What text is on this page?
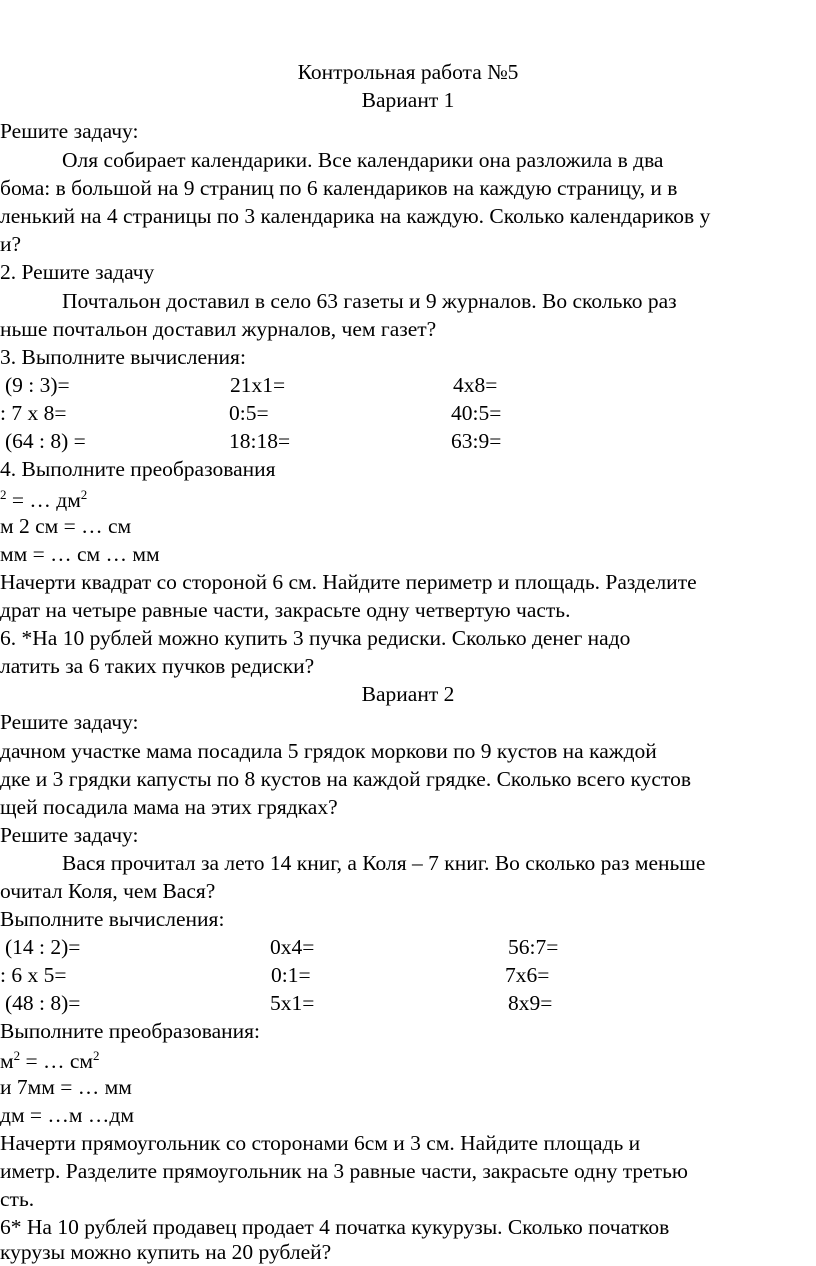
Контрольная работа №5
Вариант 1
Решите задачу:
Оля собирает календарики. Все календарики она разложила в два
бома: в большой на 9 страниц по 6 календариков на каждую страницу, и в
ленький на 4 страницы по 3 календарика на каждую. Сколько календариков у
и?
2. Решите задачу
Почтальон доставил в село 63 газеты и 9 журналов. Во сколько раз
ньше почтальон доставил журналов, чем газет?
3. Выполните вычисления:
(9 : 3)=	21x1=	4x8=
: 7 х 8=	0:5=	40:5=
(64 : 8) =	18:18=	63:9=
4. Выполните преобразования
$^2$ = … $дм^2$
м 2 см = … см
мм = … см … мм
Начерти квадрат со стороной 6 см. Найдите периметр и площадь. Разделите
драт на четыре равные части, закрасьте одну четвертую часть.
6. *На 10 рублей можно купить 3 пучка редиски. Сколько денег надо
латить за 6 таких пучков редиски?
Вариант 2
Решите задачу:
дачном участке мама посадила 5 грядок моркови по 9 кустов на каждой
дке и 3 грядки капусты по 8 кустов на каждой грядке. Сколько всего кустов
щей посадила мама на этих грядках?
Решите задачу:
Вася прочитал за лето 14 книг, а Коля – 7 книг. Во сколько раз меньше
очитал Коля, чем Вася?
Выполните вычисления:
(14 : 2)=	0x4=	56:7=
: 6 х 5=	0:1=	7x6=
(48 : 8)=	5x1=	8x9=
Выполните преобразования:
$м^2$ = … $см^2$
и 7мм = … мм
дм = …м …дм
Начерти прямоугольник со сторонами 6см и 3 см. Найдите площадь и
иметр. Разделите прямоугольник на 3 равные части, закрасьте одну третью
сть.
6* На 10 рублей продавец продает 4 початка кукурузы. Сколько початков
курузы можно купить на 20 рублей?
